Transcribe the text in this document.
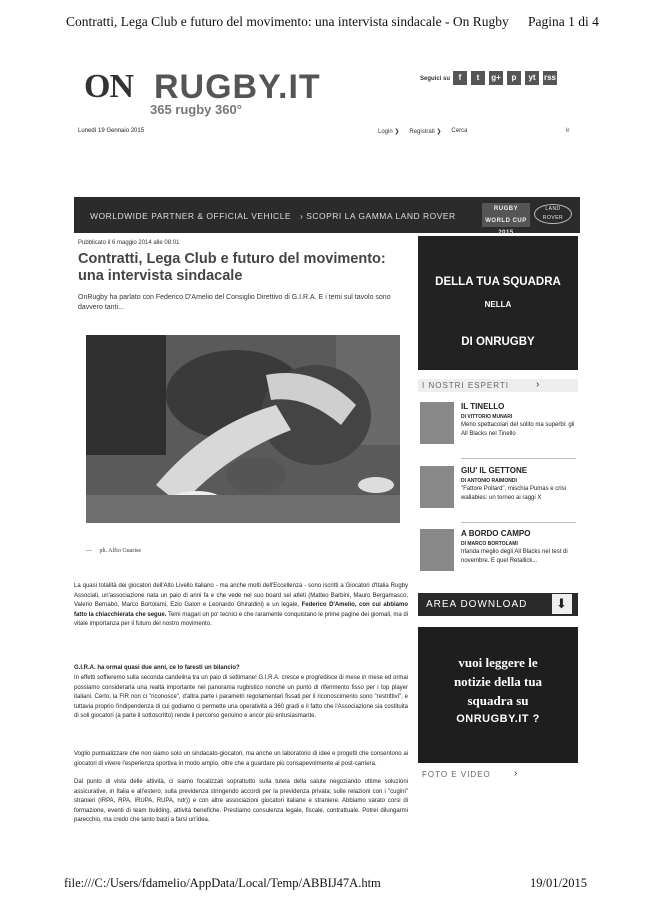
Contratti, Lega Club e futuro del movimento: una intervista sindacale - On Rugby Pagina 1 di 4
ON RUGBY.IT
365 rugby 360°
Seguici su	f	t	g+	p	yt	rss
Lunedì 19 Gennaio 2015	Login ❯ Registrati ❯ Cerca	ir
WORLDWIDE PARTNER & OFFICIAL VEHICLE › SCOPRI LA GAMMA LAND ROVER
RUGBY WORLD CUP 2015
LAND ROVER
Pubblicato il 6 maggio 2014 alle 08:01
Contratti, Lega Club e futuro del movimento: una intervista sindacale
OnRugby ha parlato con Federico D'Amelio del Consiglio Direttivo di G.I.R.A. E i temi sul tavolo sono davvero tanti...
—     ph. Alfio Guarise
La quasi totalità dei giocatori dell'Alto Livello italiano - ma anche molti dell'Eccellenza - sono iscritti a Giocatori d'Italia Rugby Associati, un'associazione nata un paio di anni fa e che vede nel suo board sei atleti (Matteo Barbini, Mauro Bergamasco, Valerio Bernabò, Marco Bortolami, Ezio Galon e Leonardo Ghiraldini) e un legale, Federico D'Amelio, con cui abbiamo fatto la chiacchierata che segue. Temi magari un po' tecnici e che raramente conquistano le prime pagine dei giornali, ma di vitale importanza per il futuro del nostro movimento.
G.I.R.A. ha ormai quasi due anni, ce lo faresti un bilancio?
In effetti soffieremo sulla seconda candelina tra un paio di settimane! G.I.R.A. cresce e progredisce di mese in mese ed ormai possiamo considerarla una realtà importante nel panorama rugbistico nonché un punto di riferimento fisso per i top player italiani. Certo, la FIR non ci "riconosce", d'altra parte i parametri regolamentari fissati per il riconoscimento sono "restrittivi", e tuttavia proprio l'indipendenza di cui godiamo ci permette una operatività a 360 gradi e il fatto che l'Associazione sia costituita di soli giocatori (a parte il sottoscritto) rende il percorso genuino e ancor più entusiasmante.
Voglio puntualizzare che non siamo solo un sindacato-giocatori, ma anche un laboratorio di idee e progetti che consentono ai giocatori di vivere l'esperienza sportiva in modo ampio, oltre che a guardare più consapevolmente al post-carriera.
Dal punto di vista delle attività, ci siamo focalizzati soprattutto sulla tutela della salute negoziando ottime soluzioni assicurative, in Italia e all'estero; sulla previdenza stringendo accordi per la previdenza privata; sulle relazioni con i "cugini" stranieri (IRPA, RPA, IRUPA, RUPA, ndr)) e con altre associazioni giocatori italiane e straniere. Abbiamo varato corsi di formazione, eventi di team building, attività benefiche. Prestiamo consulenza legale, fiscale, contrattuale. Potrei dilungarmi parecchio, ma credo che tanto basti a farsi un'idea.
DELLA TUA SQUADRA
NELLA
DI ONRUGBY
I NOSTRI ESPERTI	›
IL TINELLO
DI VITTORIO MUNARI
Meno spettacolari del solito ma superbi: gli All Blacks nel Tinello
GIU' IL GETTONE
DI ANTONIO RAIMONDI
"Fattore Pollard", mischia Pumas e crisi wallabies: un torneo ai raggi X
A BORDO CAMPO
DI MARCO BORTOLAMI
Irlanda meglio degli All Blacks nel test di novembre. E quel Retallick...
AREA DOWNLOAD	⬇
vuoi leggere le
notizie della tua
squadra su
ONRUGBY.IT ?
FOTO E VIDEO ›
file:///C:/Users/fdamelio/AppData/Local/Temp/ABBIJ47A.htm	19/01/2015
